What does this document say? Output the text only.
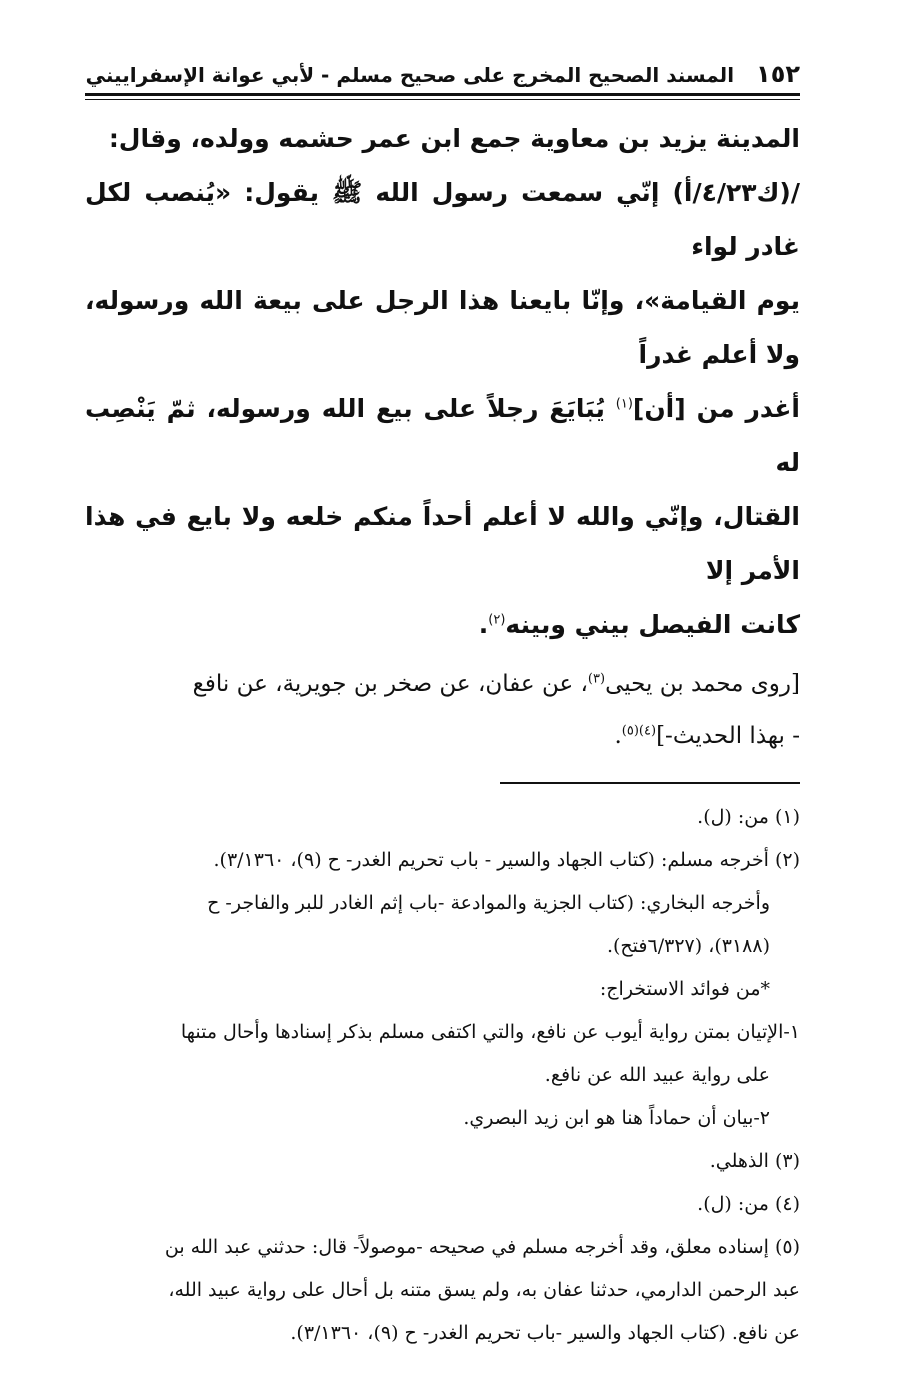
١٥٢
المسند الصحيح المخرج على صحيح مسلم - لأبي عوانة الإسفراييني

المدينة يزيد بن معاوية جمع ابن عمر حشمه وولده، وقال:

/(ك٤/٢٣/أ) إنّي سمعت رسول الله ﷺ يقول: «يُنصب لكل غادر لواء

يوم القيامة»، وإنّا بايعنا هذا الرجل على بيعة الله ورسوله، ولا أعلم غدراً

أغدر من [أن]$^{(١)}$ يُبَايَعَ رجلاً على بيع الله ورسوله، ثمّ يَنْصِب له

القتال، وإنّي والله لا أعلم أحداً منكم خلعه ولا بايع في هذا الأمر إلا

كانت الفيصل بيني وبينه$^{(٢)}$.

[روى محمد بن يحيى$^{(٣)}$، عن عفان، عن صخر بن جويرية، عن نافع

- بهذا الحديث-]$^{(٤)(٥)}$.

(١)من: (ل).

(٢)أخرجه مسلم: (كتاب الجهاد والسير - باب تحريم الغدر- ح (٩)، ٣/١٣٦٠).

وأخرجه البخاري: (كتاب الجزية والموادعة -باب إثم الغادر للبر والفاجر- ح

(٣١٨٨)، (٦/٣٢٧فتح).

*من فوائد الاستخراج:

١-الإتيان بمتن رواية أيوب عن نافع، والتي اكتفى مسلم بذكر إسنادها وأحال متنها

على رواية عبيد الله عن نافع.

٢-بيان أن حماداً هنا هو ابن زيد البصري.

(٣)الذهلي.

(٤)من: (ل).

(٥)إسناده معلق، وقد أخرجه مسلم في صحيحه -موصولاً- قال: حدثني عبد الله بن

عبد الرحمن الدارمي، حدثنا عفان به، ولم يسق متنه بل أحال على رواية عبيد الله،

عن نافع. (كتاب الجهاد والسير -باب تحريم الغدر- ح (٩)، ٣/١٣٦٠).
